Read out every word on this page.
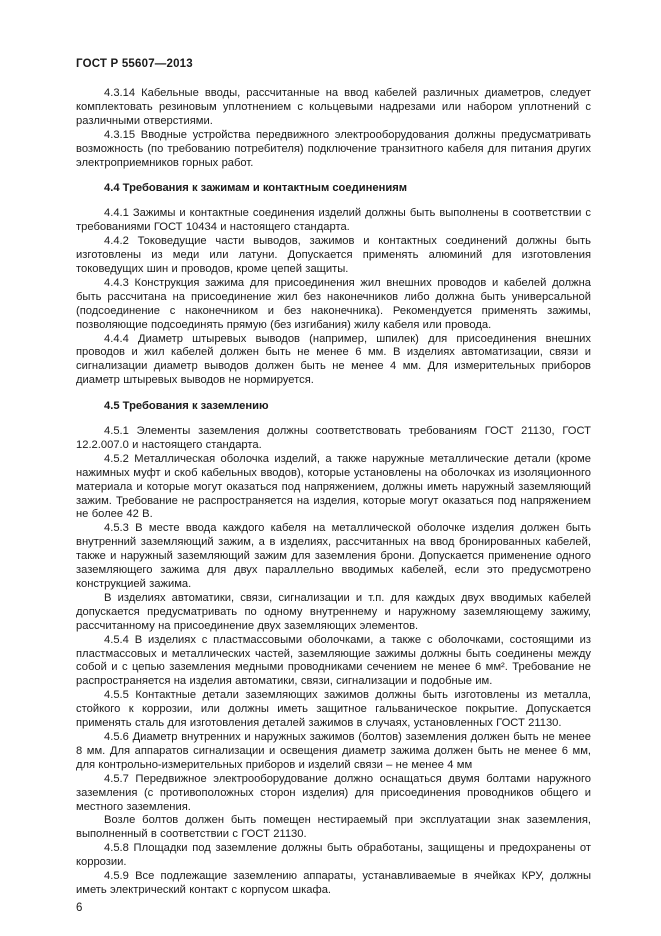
ГОСТ Р 55607—2013

4.3.14 Кабельные вводы, рассчитанные на ввод кабелей различных диаметров, следует комплектовать резиновым уплотнением с кольцевыми надрезами или набором уплотнений с различными отверстиями.

4.3.15 Вводные устройства передвижного электрооборудования должны предусматривать возможность (по требованию потребителя) подключение транзитного кабеля для питания других электроприемников горных работ.

4.4 Требования к зажимам и контактным соединениям

4.4.1 Зажимы и контактные соединения изделий должны быть выполнены в соответствии с требованиями ГОСТ 10434 и настоящего стандарта.

4.4.2 Токоведущие части выводов, зажимов и контактных соединений должны быть изготовлены из меди или латуни. Допускается применять алюминий для изготовления токоведущих шин и проводов, кроме цепей защиты.

4.4.3 Конструкция зажима для присоединения жил внешних проводов и кабелей должна быть рассчитана на присоединение жил без наконечников либо должна быть универсальной (подсоединение с наконечником и без наконечника). Рекомендуется применять зажимы, позволяющие подсоединять прямую (без изгибания) жилу кабеля или провода.

4.4.4 Диаметр штыревых выводов (например, шпилек) для присоединения внешних проводов и жил кабелей должен быть не менее 6 мм. В изделиях автоматизации, связи и сигнализации диаметр выводов должен быть не менее 4 мм. Для измерительных приборов диаметр штыревых выводов не нормируется.

4.5 Требования к заземлению

4.5.1 Элементы заземления должны соответствовать требованиям ГОСТ 21130, ГОСТ 12.2.007.0 и настоящего стандарта.

4.5.2 Металлическая оболочка изделий, а также наружные металлические детали (кроме нажимных муфт и скоб кабельных вводов), которые установлены на оболочках из изоляционного материала и которые могут оказаться под напряжением, должны иметь наружный заземляющий зажим. Требование не распространяется на изделия, которые могут оказаться под напряжением не более 42 В.

4.5.3 В месте ввода каждого кабеля на металлической оболочке изделия должен быть внутренний заземляющий зажим, а в изделиях, рассчитанных на ввод бронированных кабелей, также и наружный заземляющий зажим для заземления брони. Допускается применение одного заземляющего зажима для двух параллельно вводимых кабелей, если это предусмотрено конструкцией зажима.

В изделиях автоматики, связи, сигнализации и т.п. для каждых двух вводимых кабелей допускается предусматривать по одному внутреннему и наружному заземляющему зажиму, рассчитанному на присоединение двух заземляющих элементов.

4.5.4 В изделиях с пластмассовыми оболочками, а также с оболочками, состоящими из пластмассовых и металлических частей, заземляющие зажимы должны быть соединены между собой и с цепью заземления медными проводниками сечением не менее 6 мм². Требование не распространяется на изделия автоматики, связи, сигнализации и подобные им.

4.5.5 Контактные детали заземляющих зажимов должны быть изготовлены из металла, стойкого к коррозии, или должны иметь защитное гальваническое покрытие. Допускается применять сталь для изготовления деталей зажимов в случаях, установленных ГОСТ 21130.

4.5.6 Диаметр внутренних и наружных зажимов (болтов) заземления должен быть не менее 8 мм. Для аппаратов сигнализации и освещения диаметр зажима должен быть не менее 6 мм, для контрольно-измерительных приборов и изделий связи – не менее 4 мм

4.5.7 Передвижное электрооборудование должно оснащаться двумя болтами наружного заземления (с противоположных сторон изделия) для присоединения проводников общего и местного заземления.

Возле болтов должен быть помещен нестираемый при эксплуатации знак заземления, выполненный в соответствии с ГОСТ 21130.

4.5.8 Площадки под заземление должны быть обработаны, защищены и предохранены от коррозии.

4.5.9 Все подлежащие заземлению аппараты, устанавливаемые в ячейках КРУ, должны иметь электрический контакт с корпусом шкафа.

6
